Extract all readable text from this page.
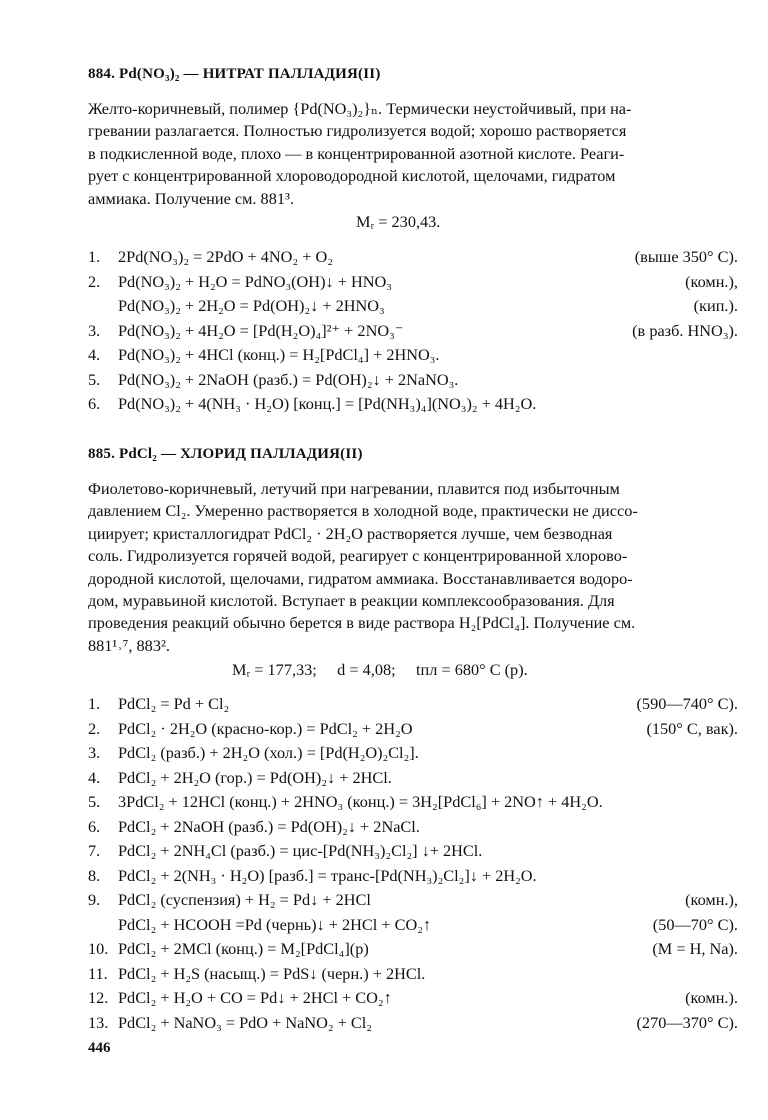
884. Pd(NO₃)₂ — НИТРАТ ПАЛЛАДИЯ(II)
Желто-коричневый, полимер {Pd(NO₃)₂}ₙ. Термически неустойчивый, при на-
гревании разлагается. Полностью гидролизуется водой; хорошо растворяется
в подкисленной воде, плохо — в концентрированной азотной кислоте. Реаги-
рует с концентрированной хлороводородной кислотой, щелочами, гидратом
аммиака. Получение см. 881³.
Mᵣ = 230,43.
1. 2Pd(NO₃)₂ = 2PdO + 4NO₂ + O₂	(выше 350° C).
2. Pd(NO₃)₂ + H₂O = PdNO₃(OH)↓ + HNO₃	(комн.),
Pd(NO₃)₂ + 2H₂O = Pd(OH)₂↓ + 2HNO₃	(кип.).
3. Pd(NO₃)₂ + 4H₂O = [Pd(H₂O)₄]²⁺ + 2NO₃⁻	(в разб. HNO₃).
4. Pd(NO₃)₂ + 4HCl (конц.) = H₂[PdCl₄] + 2HNO₃.
5. Pd(NO₃)₂ + 2NaOH (разб.) = Pd(OH)₂↓ + 2NaNO₃.
6. Pd(NO₃)₂ + 4(NH₃ · H₂O) [конц.] = [Pd(NH₃)₄](NO₃)₂ + 4H₂O.
885. PdCl₂ — ХЛОРИД ПАЛЛАДИЯ(II)
Фиолетово-коричневый, летучий при нагревании, плавится под избыточным
давлением Cl₂. Умеренно растворяется в холодной воде, практически не диссо-
циирует; кристаллогидрат PdCl₂ · 2H₂O растворяется лучше, чем безводная
соль. Гидролизуется горячей водой, реагирует с концентрированной хлорово-
дородной кислотой, щелочами, гидратом аммиака. Восстанавливается водоро-
дом, муравьиной кислотой. Вступает в реакции комплексообразования. Для
проведения реакций обычно берется в виде раствора H₂[PdCl₄]. Получение см.
881¹˒⁷, 883².
Mᵣ = 177,33;     d = 4,08;     tпл = 680° C (p).
1. PdCl₂ = Pd + Cl₂	(590—740° C).
2. PdCl₂ · 2H₂O (красно-кор.) = PdCl₂ + 2H₂O	(150° C, вак).
3. PdCl₂ (разб.) + 2H₂O (хол.) = [Pd(H₂O)₂Cl₂].
4. PdCl₂ + 2H₂O (гор.) = Pd(OH)₂↓ + 2HCl.
5. 3PdCl₂ + 12HCl (конц.) + 2HNO₃ (конц.) = 3H₂[PdCl₆] + 2NO↑ + 4H₂O.
6. PdCl₂ + 2NaOH (разб.) = Pd(OH)₂↓ + 2NaCl.
7. PdCl₂ + 2NH₄Cl (разб.) = цис-[Pd(NH₃)₂Cl₂] ↓+ 2HCl.
8. PdCl₂ + 2(NH₃ · H₂O) [разб.] = транс-[Pd(NH₃)₂Cl₂]↓ + 2H₂O.
9. PdCl₂ (суспензия) + H₂ = Pd↓ + 2HCl	(комн.),
PdCl₂ + HCOOH =Pd (чернь)↓ + 2HCl + CO₂↑	(50—70° C).
10. PdCl₂ + 2MCl (конц.) = M₂[PdCl₄](p)	(M = H, Na).
11. PdCl₂ + H₂S (насыщ.) = PdS↓ (черн.) + 2HCl.
12. PdCl₂ + H₂O + CO = Pd↓ + 2HCl + CO₂↑	(комн.).
13. PdCl₂ + NaNO₃ = PdO + NaNO₂ + Cl₂	(270—370° C).
446
